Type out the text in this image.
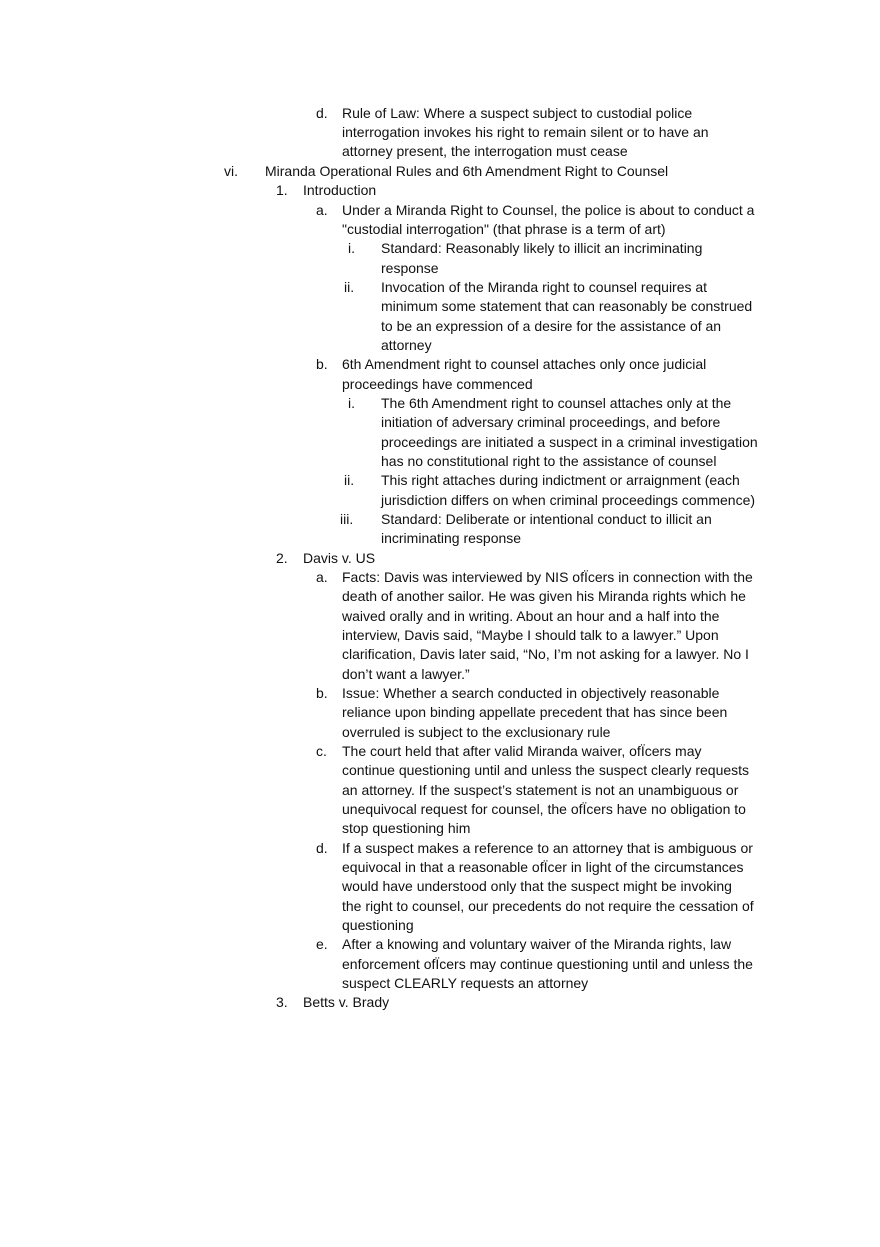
d. Rule of Law: Where a suspect subject to custodial police
interrogation invokes his right to remain silent or to have an
attorney present, the interrogation must cease
vi. Miranda Operational Rules and 6th Amendment Right to Counsel
1. Introduction
a. Under a Miranda Right to Counsel, the police is about to conduct a
"custodial interrogation" (that phrase is a term of art)
i. Standard: Reasonably likely to illicit an incriminating
response
ii. Invocation of the Miranda right to counsel requires at
minimum some statement that can reasonably be construed
to be an expression of a desire for the assistance of an
attorney
b. 6th Amendment right to counsel attaches only once judicial
proceedings have commenced
i. The 6th Amendment right to counsel attaches only at the
initiation of adversary criminal proceedings, and before
proceedings are initiated a suspect in a criminal investigation
has no constitutional right to the assistance of counsel
ii. This right attaches during indictment or arraignment (each
jurisdiction differs on when criminal proceedings commence)
iii. Standard: Deliberate or intentional conduct to illicit an
incriminating response
2. Davis v. US
a. Facts: Davis was interviewed by NIS ofÏcers in connection with the
death of another sailor. He was given his Miranda rights which he
waived orally and in writing. About an hour and a half into the
interview, Davis said, “Maybe I should talk to a lawyer.” Upon
clarification, Davis later said, “No, I’m not asking for a lawyer. No I
don’t want a lawyer.”
b. Issue: Whether a search conducted in objectively reasonable
reliance upon binding appellate precedent that has since been
overruled is subject to the exclusionary rule
c. The court held that after valid Miranda waiver, ofÏcers may
continue questioning until and unless the suspect clearly requests
an attorney. If the suspect’s statement is not an unambiguous or
unequivocal request for counsel, the ofÏcers have no obligation to
stop questioning him
d. If a suspect makes a reference to an attorney that is ambiguous or
equivocal in that a reasonable ofÏcer in light of the circumstances
would have understood only that the suspect might be invoking
the right to counsel, our precedents do not require the cessation of
questioning
e. After a knowing and voluntary waiver of the Miranda rights, law
enforcement ofÏcers may continue questioning until and unless the
suspect CLEARLY requests an attorney
3. Betts v. Brady
